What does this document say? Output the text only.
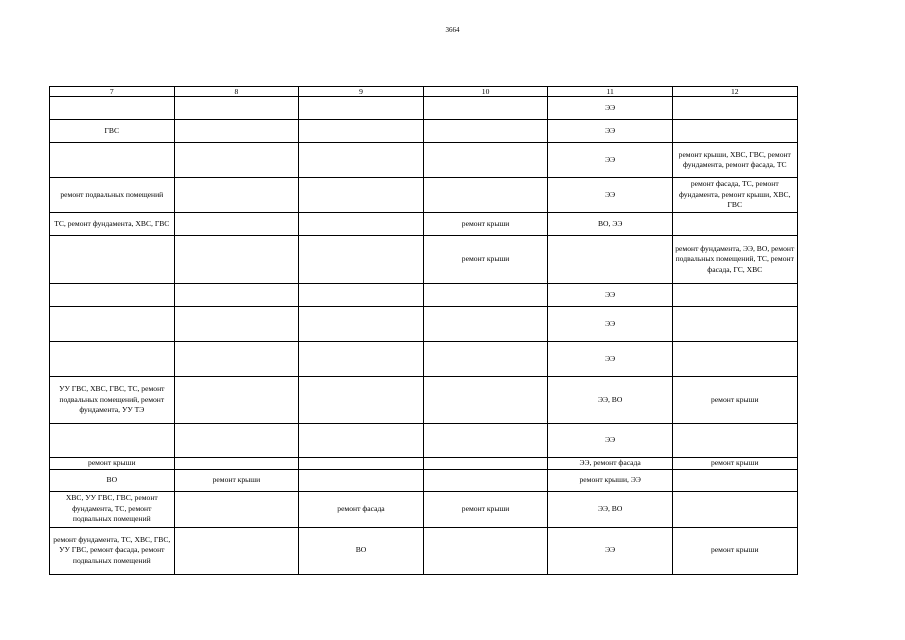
3664
7	8	9	10	11	12
				ЭЭ	
ГВС				ЭЭ	
				ЭЭ	ремонт крыши, ХВС, ГВС, ремонт фундамента, ремонт фасада, ТС
ремонт подвальных помещений				ЭЭ	ремонт фасада, ТС, ремонт фундамента, ремонт крыши, ХВС, ГВС
ТС, ремонт фундамента, ХВС, ГВС			ремонт крыши	ВО, ЭЭ	
			ремонт крыши		ремонт фундамента, ЭЭ, ВО, ремонт подвальных помещений, ТС, ремонт фасада, ГС, ХВС
				ЭЭ	
				ЭЭ	
				ЭЭ	
УУ ГВС, ХВС, ГВС, ТС, ремонт подвальных помещений, ремонт фундамента, УУ ТЭ				ЭЭ, ВО	ремонт крыши
				ЭЭ	
ремонт крыши				ЭЭ, ремонт фасада	ремонт крыши
ВО	ремонт крыши			ремонт крыши, ЭЭ	
ХВС, УУ ГВС, ГВС, ремонт фундамента, ТС, ремонт подвальных помещений		ремонт фасада	ремонт крыши	ЭЭ, ВО	
ремонт фундамента, ТС, ХВС, ГВС, УУ ГВС, ремонт фасада, ремонт подвальных помещений		ВО		ЭЭ	ремонт крыши
